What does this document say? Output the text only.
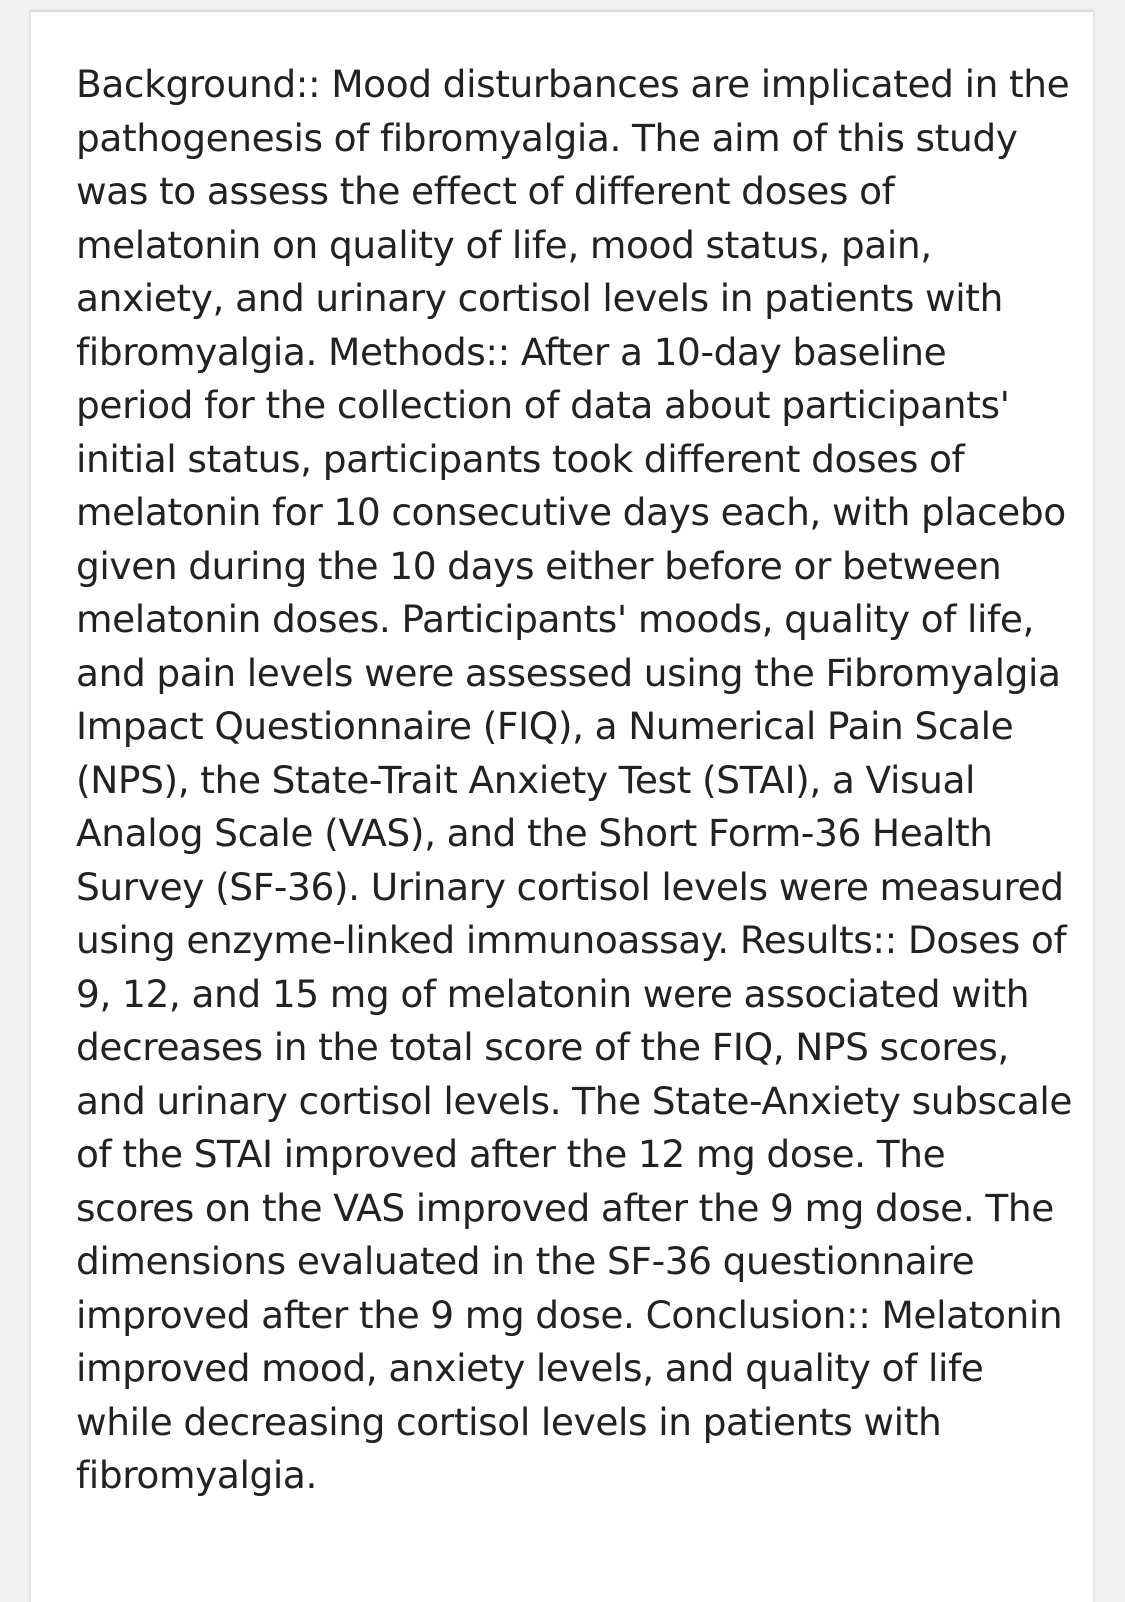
Background:: Mood disturbances are implicated in the pathogenesis of fibromyalgia. The aim of this study was to assess the effect of different doses of melatonin on quality of life, mood status, pain, anxiety, and urinary cortisol levels in patients with fibromyalgia. Methods:: After a 10-day baseline period for the collection of data about participants' initial status, participants took different doses of melatonin for 10 consecutive days each, with placebo given during the 10 days either before or between melatonin doses. Participants' moods, quality of life, and pain levels were assessed using the Fibromyalgia Impact Questionnaire (FIQ), a Numerical Pain Scale (NPS), the State-Trait Anxiety Test (STAI), a Visual Analog Scale (VAS), and the Short Form-36 Health Survey (SF-36). Urinary cortisol levels were measured using enzyme-linked immunoassay. Results:: Doses of 9, 12, and 15 mg of melatonin were associated with decreases in the total score of the FIQ, NPS scores, and urinary cortisol levels. The State-Anxiety subscale of the STAI improved after the 12 mg dose. The scores on the VAS improved after the 9 mg dose. The dimensions evaluated in the SF-36 questionnaire improved after the 9 mg dose. Conclusion:: Melatonin improved mood, anxiety levels, and quality of life while decreasing cortisol levels in patients with fibromyalgia.
